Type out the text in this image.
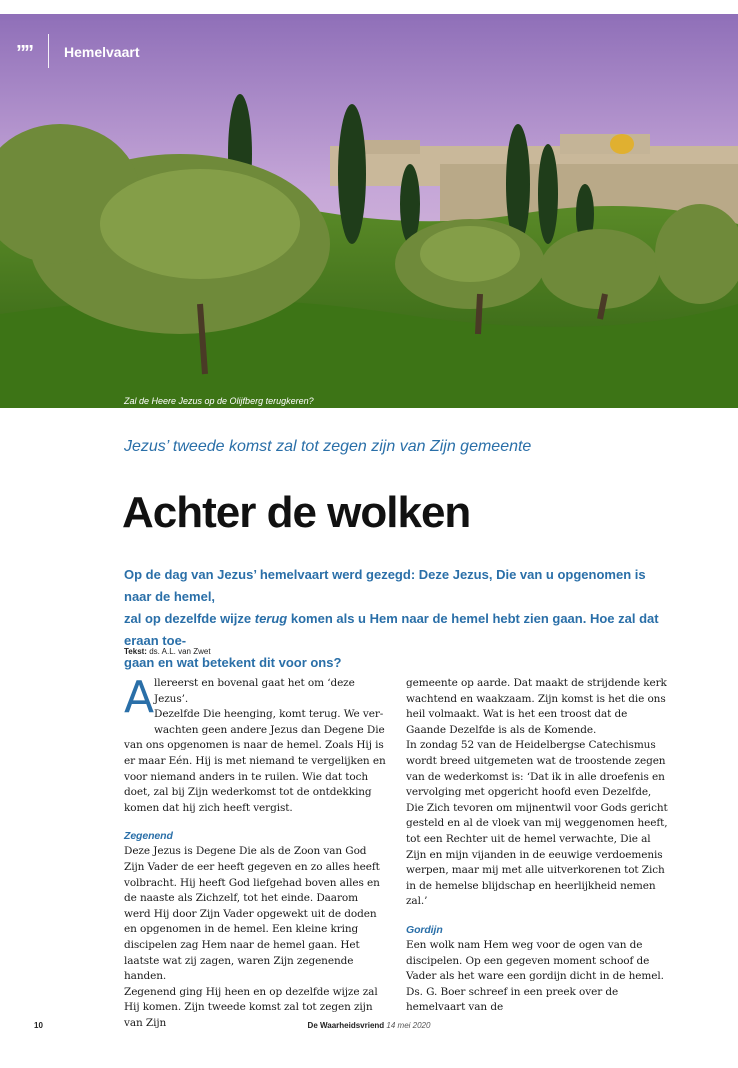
”” Hemelvaart
Zal de Heere Jezus op de Olijfberg terugkeren?
Jezus’ tweede komst zal tot zegen zijn van Zijn gemeente
Achter de wolken
Op de dag van Jezus’ hemelvaart werd gezegd: Deze Jezus, Die van u opgenomen is naar de hemel,
zal op dezelfde wijze terug komen als u Hem naar de hemel hebt zien gaan. Hoe zal dat eraan toe-
gaan en wat betekent dit voor ons?
Tekst: ds. A.L. van Zwet
A llereerst en bovenal gaat het om ‘deze Jezus’.
Dezelfde Die heenging, komt terug. We ver-
wachten geen andere Jezus dan Degene Die

van ons opgenomen is naar de hemel. Zoals Hij is er maar Eén. Hij is met niemand te vergelijken en voor niemand anders in te ruilen. Wie dat toch doet, zal bij Zijn wederkomst tot de ontdekking komen dat hij zich heeft vergist.

Zegenend

Deze Jezus is Degene Die als de Zoon van God Zijn Vader de eer heeft gegeven en zo alles heeft volbracht. Hij heeft God liefgehad boven alles en de naaste als Zichzelf, tot het einde. Daarom werd Hij door Zijn Vader opgewekt uit de doden en opgenomen in de hemel. Een kleine kring discipelen zag Hem naar de hemel gaan. Het laatste wat zij zagen, waren Zijn zegenende handen.

Zegenend ging Hij heen en op dezelfde wijze zal Hij komen. Zijn tweede komst zal tot zegen zijn van Zijn

gemeente op aarde. Dat maakt de strijdende kerk wachtend en waakzaam. Zijn komst is het die ons heil volmaakt. Wat is het een troost dat de Gaande Dezelfde is als de Komende.

In zondag 52 van de Heidelbergse Catechismus wordt breed uitgemeten wat de troostende zegen van de wederkomst is: ‘Dat ik in alle droefenis en vervolging met opgericht hoofd even Dezelfde, Die Zich tevoren om mijnentwil voor Gods gericht gesteld en al de vloek van mij weggenomen heeft, tot een Rechter uit de hemel verwachte, Die al Zijn en mijn vijanden in de eeuwige verdoemenis werpen, maar mij met alle uitverkorenen tot Zich in de hemelse blijdschap en heerlijkheid nemen zal.’

Gordijn

Een wolk nam Hem weg voor de ogen van de discipelen. Op een gegeven moment schoof de Vader als het ware een gordijn dicht in de hemel. Ds. G. Boer schreef in een preek over de hemelvaart van de

10	De Waarheidsvriend 14 mei 2020
